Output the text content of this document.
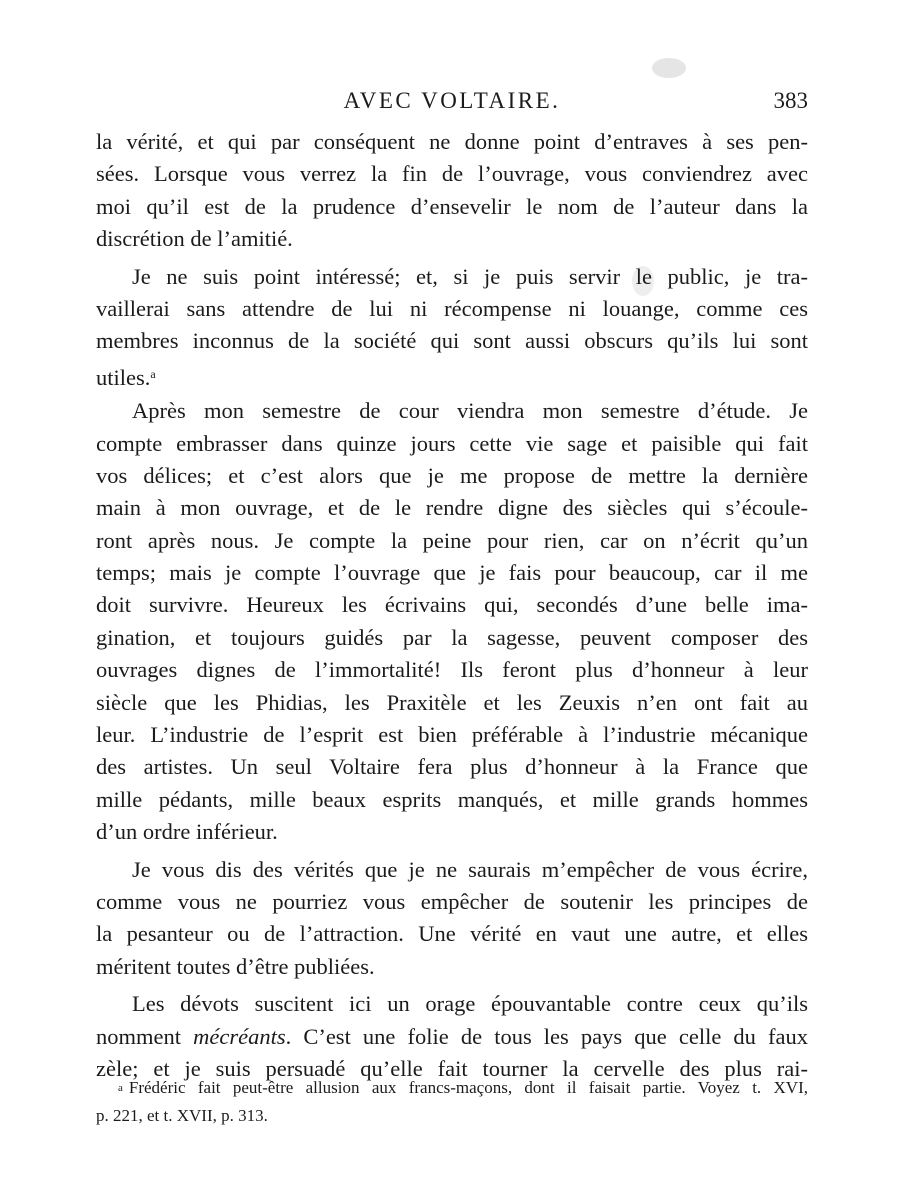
AVEC VOLTAIRE.	383
la vérité, et qui par conséquent ne donne point d’entraves à ses pen-
sées. Lorsque vous verrez la fin de l’ouvrage, vous conviendrez avec
moi qu’il est de la prudence d’ensevelir le nom de l’auteur dans la
discrétion de l’amitié.
Je ne suis point intéressé; et, si je puis servir le public, je tra-
vaillerai sans attendre de lui ni récompense ni louange, comme ces
membres inconnus de la société qui sont aussi obscurs qu’ils lui sont
utiles.$^a$
Après mon semestre de cour viendra mon semestre d’étude. Je
compte embrasser dans quinze jours cette vie sage et paisible qui fait
vos délices; et c’est alors que je me propose de mettre la dernière
main à mon ouvrage, et de le rendre digne des siècles qui s’écoule-
ront après nous. Je compte la peine pour rien, car on n’écrit qu’un
temps; mais je compte l’ouvrage que je fais pour beaucoup, car il me
doit survivre. Heureux les écrivains qui, secondés d’une belle ima-
gination, et toujours guidés par la sagesse, peuvent composer des
ouvrages dignes de l’immortalité! Ils feront plus d’honneur à leur
siècle que les Phidias, les Praxitèle et les Zeuxis n’en ont fait au
leur. L’industrie de l’esprit est bien préférable à l’industrie mécanique
des artistes. Un seul Voltaire fera plus d’honneur à la France que
mille pédants, mille beaux esprits manqués, et mille grands hommes
d’un ordre inférieur.
Je vous dis des vérités que je ne saurais m’empêcher de vous écrire,
comme vous ne pourriez vous empêcher de soutenir les principes de
la pesanteur ou de l’attraction. Une vérité en vaut une autre, et elles
méritent toutes d’être publiées.
Les dévots suscitent ici un orage épouvantable contre ceux qu’ils
nomment mécréants. C’est une folie de tous les pays que celle du faux
zèle; et je suis persuadé qu’elle fait tourner la cervelle des plus rai-
a Frédéric fait peut-être allusion aux francs-maçons, dont il faisait partie. Voyez t. XVI,
p. 221, et t. XVII, p. 313.
